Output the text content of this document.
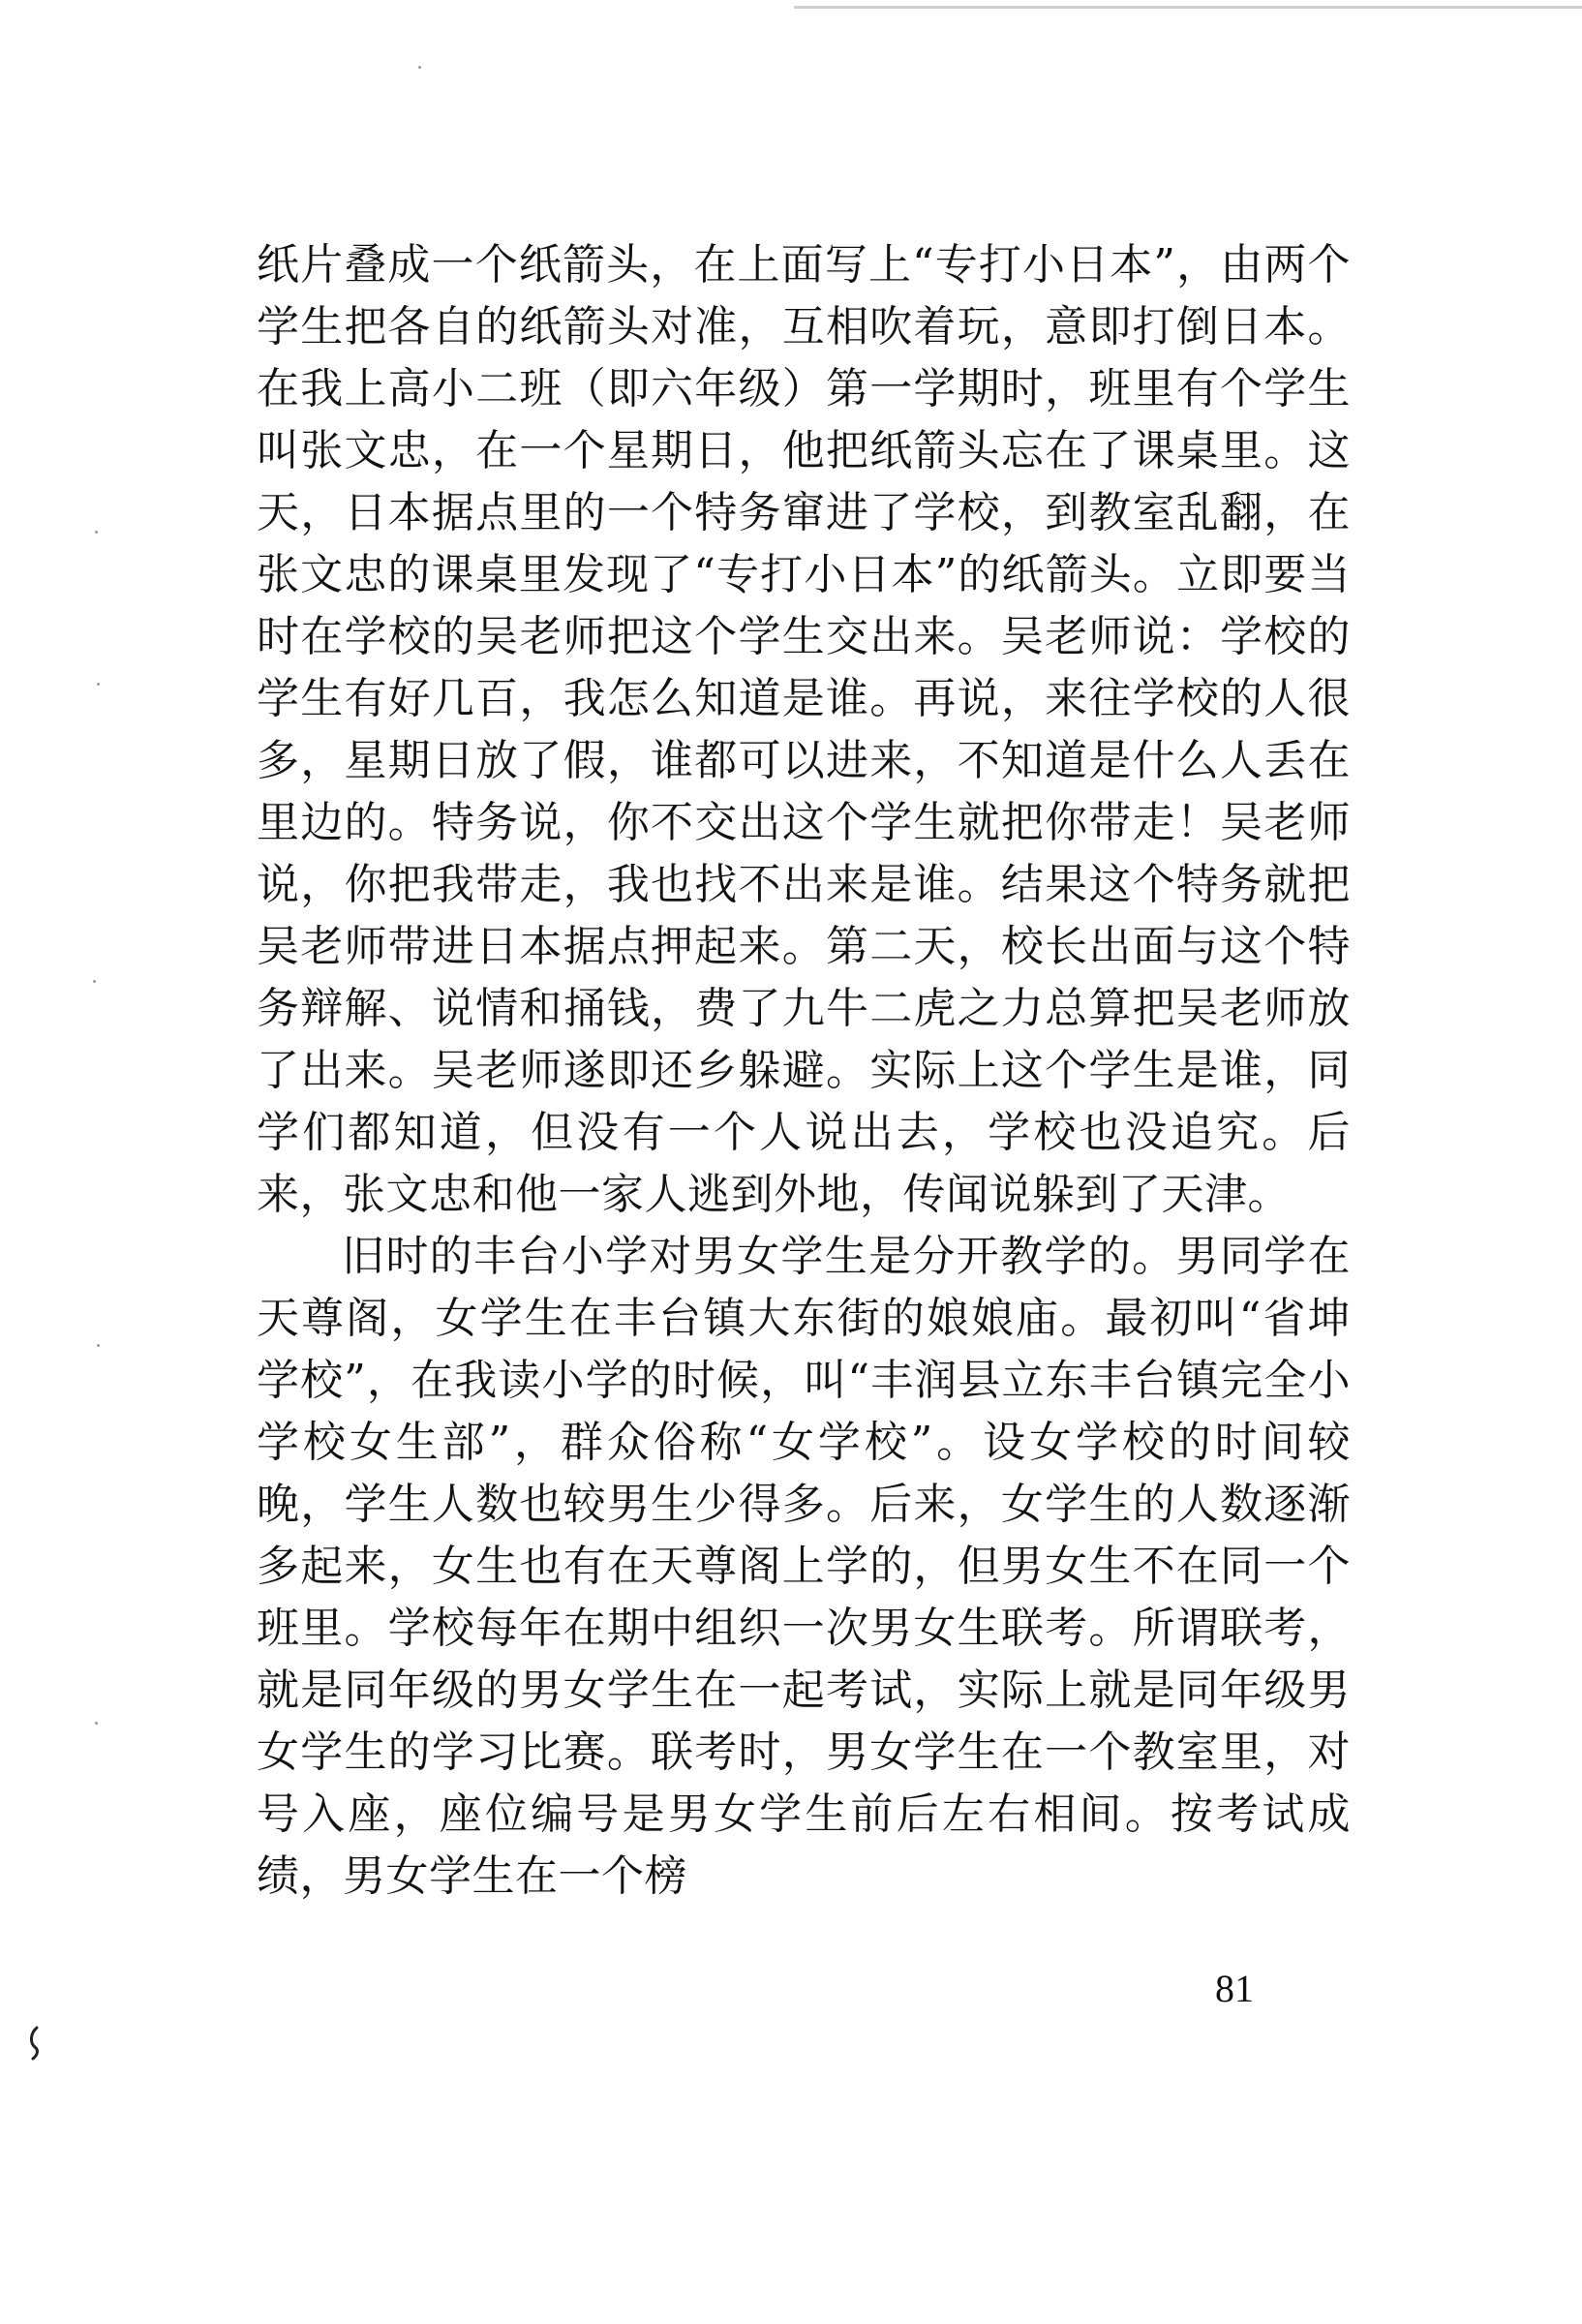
纸片叠成一个纸箭头，在上面写上“专打小日本”，由两个学生把各自的纸箭头对准，互相吹着玩，意即打倒日本。在我上高小二班（即六年级）第一学期时，班里有个学生叫张文忠，在一个星期日，他把纸箭头忘在了课桌里。这天，日本据点里的一个特务窜进了学校，到教室乱翻，在张文忠的课桌里发现了“专打小日本”的纸箭头。立即要当时在学校的吴老师把这个学生交出来。吴老师说：学校的学生有好几百，我怎么知道是谁。再说，来往学校的人很多，星期日放了假，谁都可以进来，不知道是什么人丢在里边的。特务说，你不交出这个学生就把你带走！吴老师说，你把我带走，我也找不出来是谁。结果这个特务就把吴老师带进日本据点押起来。第二天，校长出面与这个特务辩解、说情和捅钱，费了九牛二虎之力总算把吴老师放了出来。吴老师遂即还乡躲避。实际上这个学生是谁，同学们都知道，但没有一个人说出去，学校也没追究。后来，张文忠和他一家人逃到外地，传闻说躲到了天津。

旧时的丰台小学对男女学生是分开教学的。男同学在天尊阁，女学生在丰台镇大东街的娘娘庙。最初叫“省坤学校”，在我读小学的时候，叫“丰润县立东丰台镇完全小学校女生部”，群众俗称“女学校”。设女学校的时间较晚，学生人数也较男生少得多。后来，女学生的人数逐渐多起来，女生也有在天尊阁上学的，但男女生不在同一个班里。学校每年在期中组织一次男女生联考。所谓联考，就是同年级的男女学生在一起考试，实际上就是同年级男女学生的学习比赛。联考时，男女学生在一个教室里，对号入座，座位编号是男女学生前后左右相间。按考试成绩，男女学生在一个榜

81
